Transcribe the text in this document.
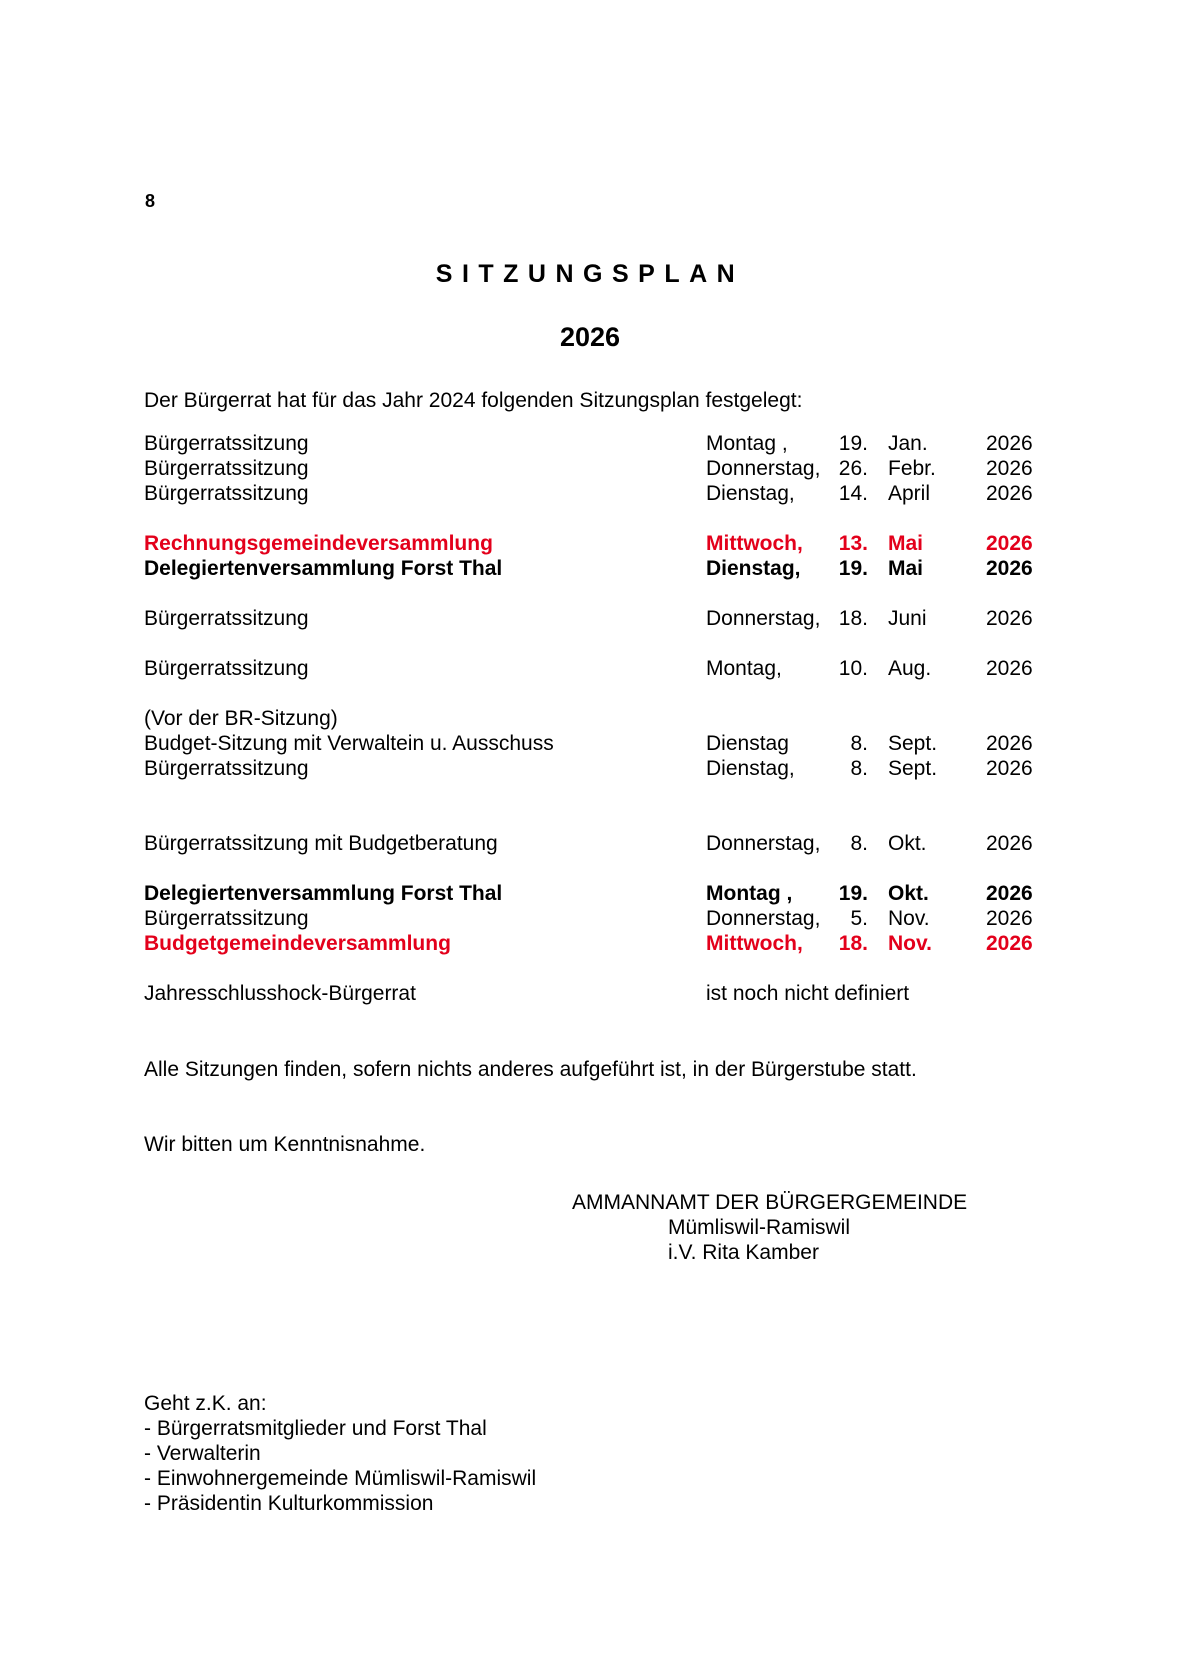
8
SITZUNGSPLAN
2026
Der Bürgerrat hat für das Jahr 2024 folgenden Sitzungsplan festgelegt:
Bürgerratssitzung	Montag ,	19. Jan.	2026
Bürgerratssitzung	Donnerstag, 26. Febr. 2026
Bürgerratssitzung	Dienstag,	14. April	2026
Rechnungsgemeindeversammlung	Mittwoch,	13. Mai	2026
Delegiertenversammlung Forst Thal	Dienstag,	19. Mai	2026
Bürgerratssitzung	Donnerstag, 18. Juni	2026
Bürgerratssitzung	Montag,	10. Aug.	2026
(Vor der BR-Sitzung)
Budget-Sitzung mit Verwaltein u. Ausschuss	Dienstag	8. Sept. 2026
Bürgerratssitzung	Dienstag,	8. Sept. 2026
Bürgerratssitzung mit Budgetberatung	Donnerstag,	8. Okt.	2026
Delegiertenversammlung Forst Thal	Montag ,	19. Okt.	2026
Bürgerratssitzung	Donnerstag,	5. Nov.	2026
Budgetgemeindeversammlung	Mittwoch,	18. Nov.	2026
Jahresschlusshock-Bürgerrat	ist noch nicht definiert
Alle Sitzungen finden, sofern nichts anderes aufgeführt ist, in der Bürgerstube statt.
Wir bitten um Kenntnisnahme.
AMMANNAMT DER BÜRGERGEMEINDE
Mümliswil-Ramiswil
i.V. Rita Kamber
Geht z.K. an:
- Bürgerratsmitglieder und Forst Thal
- Verwalterin
- Einwohnergemeinde Mümliswil-Ramiswil
- Präsidentin Kulturkommission
